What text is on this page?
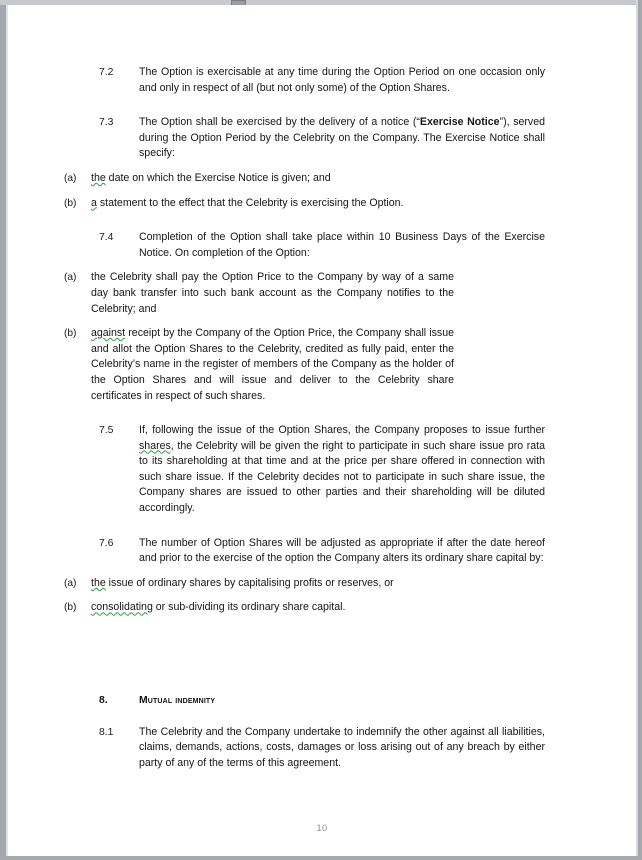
7.2	The Option is exercisable at any time during the Option Period on one occasion only and only in respect of all (but not only some) of the Option Shares.
7.3	The Option shall be exercised by the delivery of a notice (“Exercise Notice”), served during the Option Period by the Celebrity on the Company. The Exercise Notice shall specify:
(a)	the date on which the Exercise Notice is given; and
(b)	a statement to the effect that the Celebrity is exercising the Option.
7.4	Completion of the Option shall take place within 10 Business Days of the Exercise Notice. On completion of the Option:
(a)	the Celebrity shall pay the Option Price to the Company by way of a same day bank transfer into such bank account as the Company notifies to the Celebrity; and
(b)	against receipt by the Company of the Option Price, the Company shall issue and allot the Option Shares to the Celebrity, credited as fully paid, enter the Celebrity’s name in the register of members of the Company as the holder of the Option Shares and will issue and deliver to the Celebrity share certificates in respect of such shares.
7.5	If, following the issue of the Option Shares, the Company proposes to issue further shares, the Celebrity will be given the right to participate in such share issue pro rata to its shareholding at that time and at the price per share offered in connection with such share issue. If the Celebrity decides not to participate in such share issue, the Company shares are issued to other parties and their shareholding will be diluted accordingly.
7.6	The number of Option Shares will be adjusted as appropriate if after the date hereof and prior to the exercise of the option the Company alters its ordinary share capital by:
(a)	the issue of ordinary shares by capitalising profits or reserves, or
(b)	consolidating or sub-dividing its ordinary share capital.
8.	Mutual indemnity
8.1	The Celebrity and the Company undertake to indemnify the other against all liabilities, claims, demands, actions, costs, damages or loss arising out of any breach by either party of any of the terms of this agreement.
10
